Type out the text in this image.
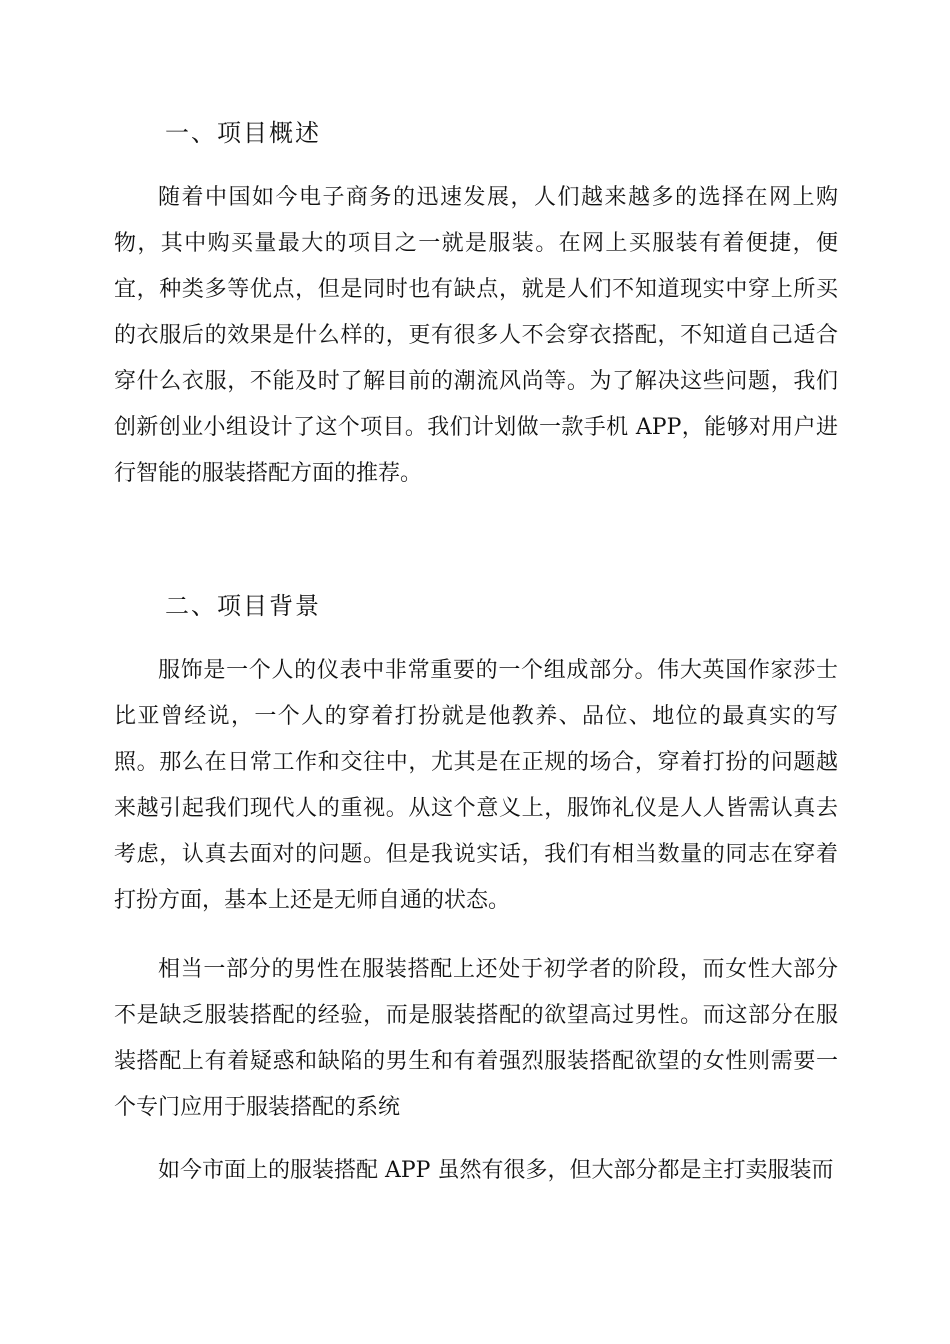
一、项目概述

随着中国如今电子商务的迅速发展，人们越来越多的选择在网上购物，其中购买量最大的项目之一就是服装。在网上买服装有着便捷，便宜，种类多等优点，但是同时也有缺点，就是人们不知道现实中穿上所买的衣服后的效果是什么样的，更有很多人不会穿衣搭配，不知道自己适合穿什么衣服，不能及时了解目前的潮流风尚等。为了解决这些问题，我们创新创业小组设计了这个项目。我们计划做一款手机 APP，能够对用户进行智能的服装搭配方面的推荐。

二、项目背景

服饰是一个人的仪表中非常重要的一个组成部分。伟大英国作家莎士比亚曾经说，一个人的穿着打扮就是他教养、品位、地位的最真实的写照。那么在日常工作和交往中，尤其是在正规的场合，穿着打扮的问题越来越引起我们现代人的重视。从这个意义上，服饰礼仪是人人皆需认真去考虑，认真去面对的问题。但是我说实话，我们有相当数量的同志在穿着打扮方面，基本上还是无师自通的状态。

相当一部分的男性在服装搭配上还处于初学者的阶段，而女性大部分不是缺乏服装搭配的经验，而是服装搭配的欲望高过男性。而这部分在服装搭配上有着疑惑和缺陷的男生和有着强烈服装搭配欲望的女性则需要一个专门应用于服装搭配的系统

如今市面上的服装搭配 APP 虽然有很多，但大部分都是主打卖服装而
